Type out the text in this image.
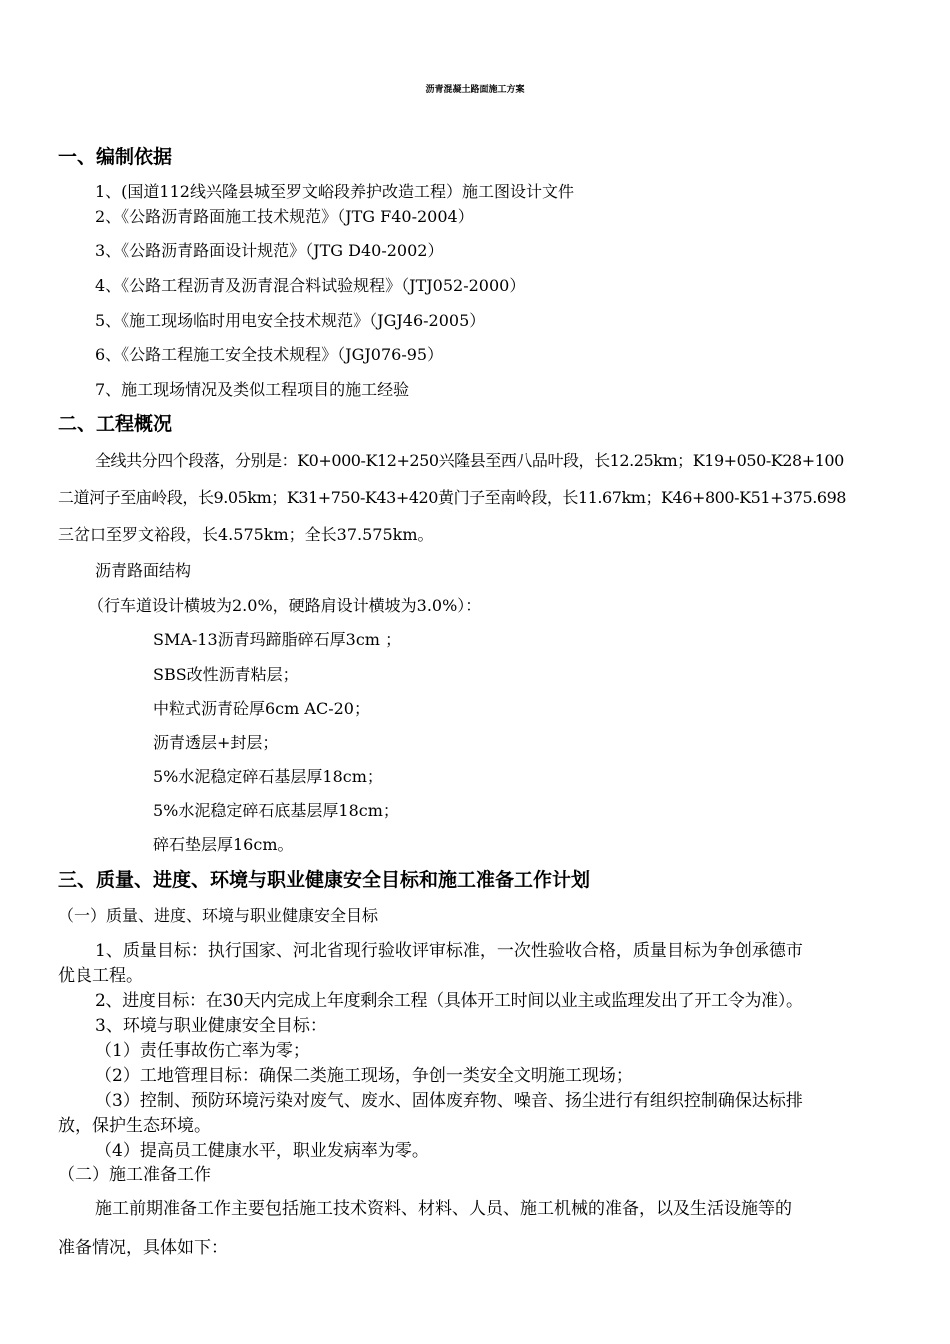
沥青混凝土路面施工方案
一、编制依据
1、(国道112线兴隆县城至罗文峪段养护改造工程）施工图设计文件
2、《公路沥青路面施工技术规范》（JTG F40-2004）
3、《公路沥青路面设计规范》（JTG D40-2002）
4、《公路工程沥青及沥青混合料试验规程》（JTJ052-2000）
5、《施工现场临时用电安全技术规范》（JGJ46-2005）
6、《公路工程施工安全技术规程》（JGJ076-95）
7、施工现场情况及类似工程项目的施工经验
二、工程概况
全线共分四个段落，分别是：K0+000-K12+250兴隆县至西八品叶段，长12.25km；K19+050-K28+100
二道河子至庙岭段，长9.05km；K31+750-K43+420黄门子至南岭段，长11.67km；K46+800-K51+375.698
三岔口至罗文裕段，长4.575km；全长37.575km。
沥青路面结构
（行车道设计横坡为2.0%，硬路肩设计横坡为3.0%）：
SMA-13沥青玛蹄脂碎石厚3cm ；
SBS改性沥青粘层；
中粒式沥青砼厚6cm AC-20；
沥青透层+封层；
5%水泥稳定碎石基层厚18cm；
5%水泥稳定碎石底基层厚18cm；
碎石垫层厚16cm。
三、质量、进度、环境与职业健康安全目标和施工准备工作计划
（一）质量、进度、环境与职业健康安全目标
1、质量目标：执行国家、河北省现行验收评审标准，一次性验收合格，质量目标为争创承德市
优良工程。
2、进度目标：在30天内完成上年度剩余工程（具体开工时间以业主或监理发出了开工令为准）。
3、环境与职业健康安全目标：
（1）责任事故伤亡率为零；
（2）工地管理目标：确保二类施工现场，争创一类安全文明施工现场；
（3）控制、预防环境污染对废气、废水、固体废弃物、噪音、扬尘进行有组织控制确保达标排
放，保护生态环境。
（4）提高员工健康水平，职业发病率为零。
（二）施工准备工作
施工前期准备工作主要包括施工技术资料、材料、人员、施工机械的准备，以及生活设施等的
准备情况，具体如下：
